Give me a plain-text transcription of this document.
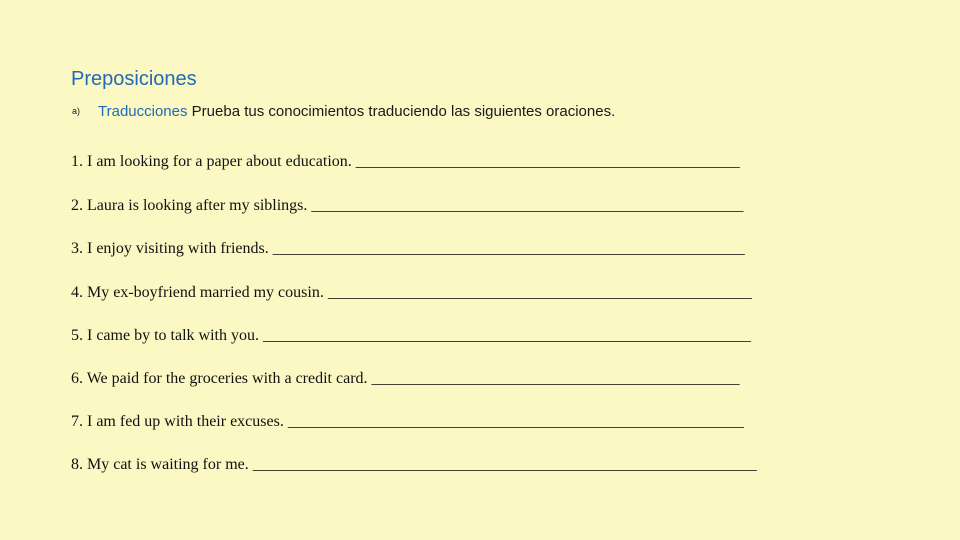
Preposiciones
a) Traducciones Prueba tus conocimientos traduciendo las siguientes oraciones.
1. I am looking for a paper about education. ________________________________________________
2. Laura is looking after my siblings. ______________________________________________________
3. I enjoy visiting with friends. ___________________________________________________________
4. My ex-boyfriend married my cousin. _____________________________________________________
5. I came by to talk with you. _____________________________________________________________
6. We paid for the groceries with a credit card. ______________________________________________
7. I am fed up with their excuses. _________________________________________________________
8. My cat is waiting for me. _______________________________________________________________
